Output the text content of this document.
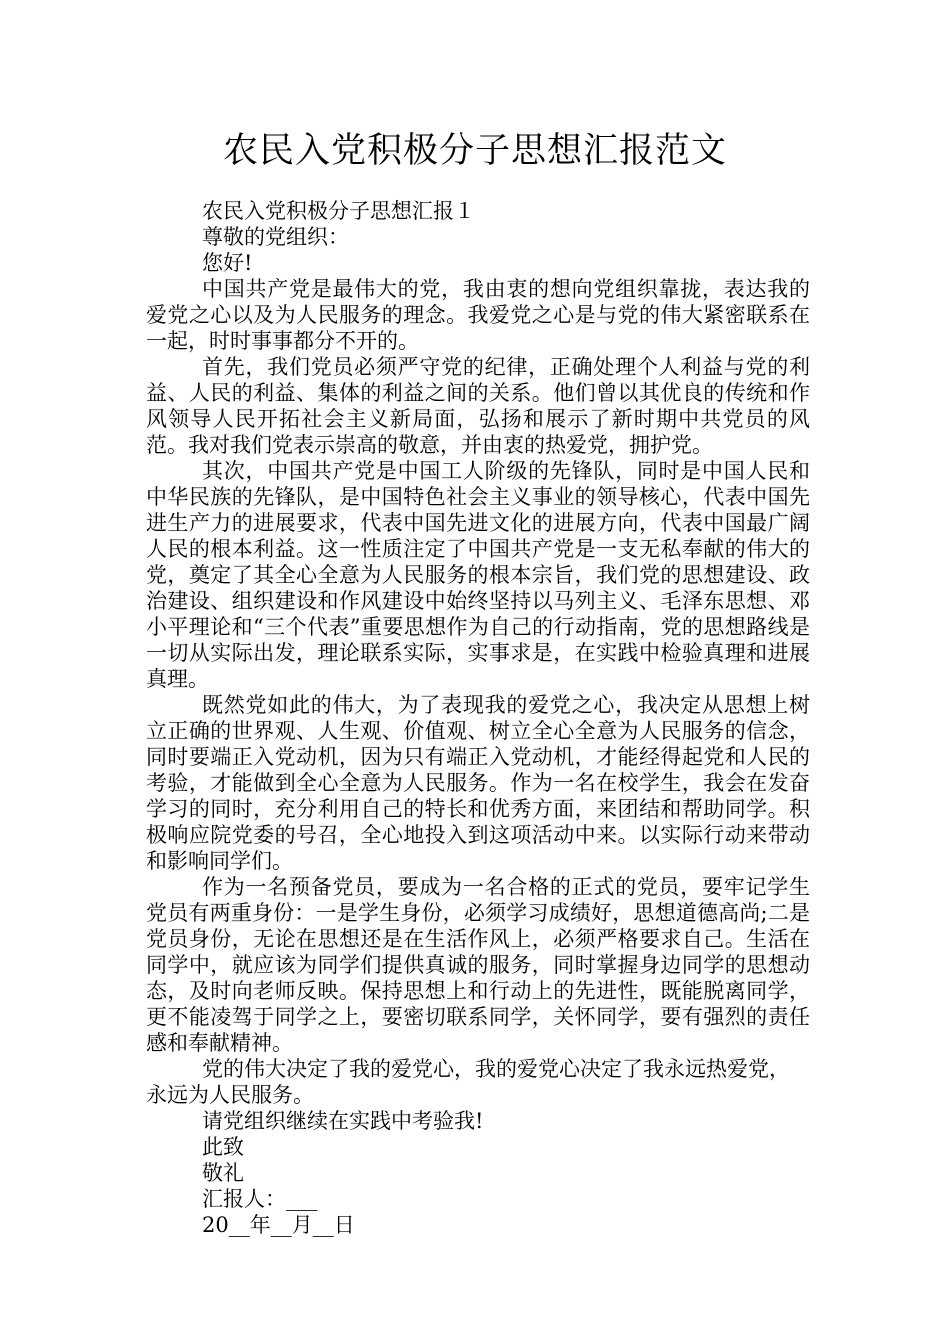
农民入党积极分子思想汇报范文

农民入党积极分子思想汇报１

尊敬的党组织：

您好!

中国共产党是最伟大的党，我由衷的想向党组织靠拢，表达我的爱党之心以及为人民服务的理念。我爱党之心是与党的伟大紧密联系在一起，时时事事都分不开的。

首先，我们党员必须严守党的纪律，正确处理个人利益与党的利益、人民的利益、集体的利益之间的关系。他们曾以其优良的传统和作风领导人民开拓社会主义新局面，弘扬和展示了新时期中共党员的风范。我对我们党表示崇高的敬意，并由衷的热爱党，拥护党。

其次，中国共产党是中国工人阶级的先锋队，同时是中国人民和中华民族的先锋队，是中国特色社会主义事业的领导核心，代表中国先进生产力的进展要求，代表中国先进文化的进展方向，代表中国最广阔人民的根本利益。这一性质注定了中国共产党是一支无私奉献的伟大的党，奠定了其全心全意为人民服务的根本宗旨，我们党的思想建设、政治建设、组织建设和作风建设中始终坚持以马列主义、毛泽东思想、邓小平理论和“三个代表”重要思想作为自己的行动指南，党的思想路线是一切从实际出发，理论联系实际，实事求是，在实践中检验真理和进展真理。

既然党如此的伟大，为了表现我的爱党之心，我决定从思想上树立正确的世界观、人生观、价值观、树立全心全意为人民服务的信念，同时要端正入党动机，因为只有端正入党动机，才能经得起党和人民的考验，才能做到全心全意为人民服务。作为一名在校学生，我会在发奋学习的同时，充分利用自己的特长和优秀方面，来团结和帮助同学。积极响应院党委的号召，全心地投入到这项活动中来。以实际行动来带动和影响同学们。

作为一名预备党员，要成为一名合格的正式的党员，要牢记学生党员有两重身份：一是学生身份，必须学习成绩好，思想道德高尚;二是党员身份，无论在思想还是在生活作风上，必须严格要求自己。生活在同学中，就应该为同学们提供真诚的服务，同时掌握身边同学的思想动态，及时向老师反映。保持思想上和行动上的先进性，既能脱离同学，更不能凌驾于同学之上，要密切联系同学，关怀同学，要有强烈的责任感和奉献精神。

党的伟大决定了我的爱党心，我的爱党心决定了我永远热爱党，永远为人民服务。

请党组织继续在实践中考验我!

此致

敬礼

汇报人：___

20__年__月__日
